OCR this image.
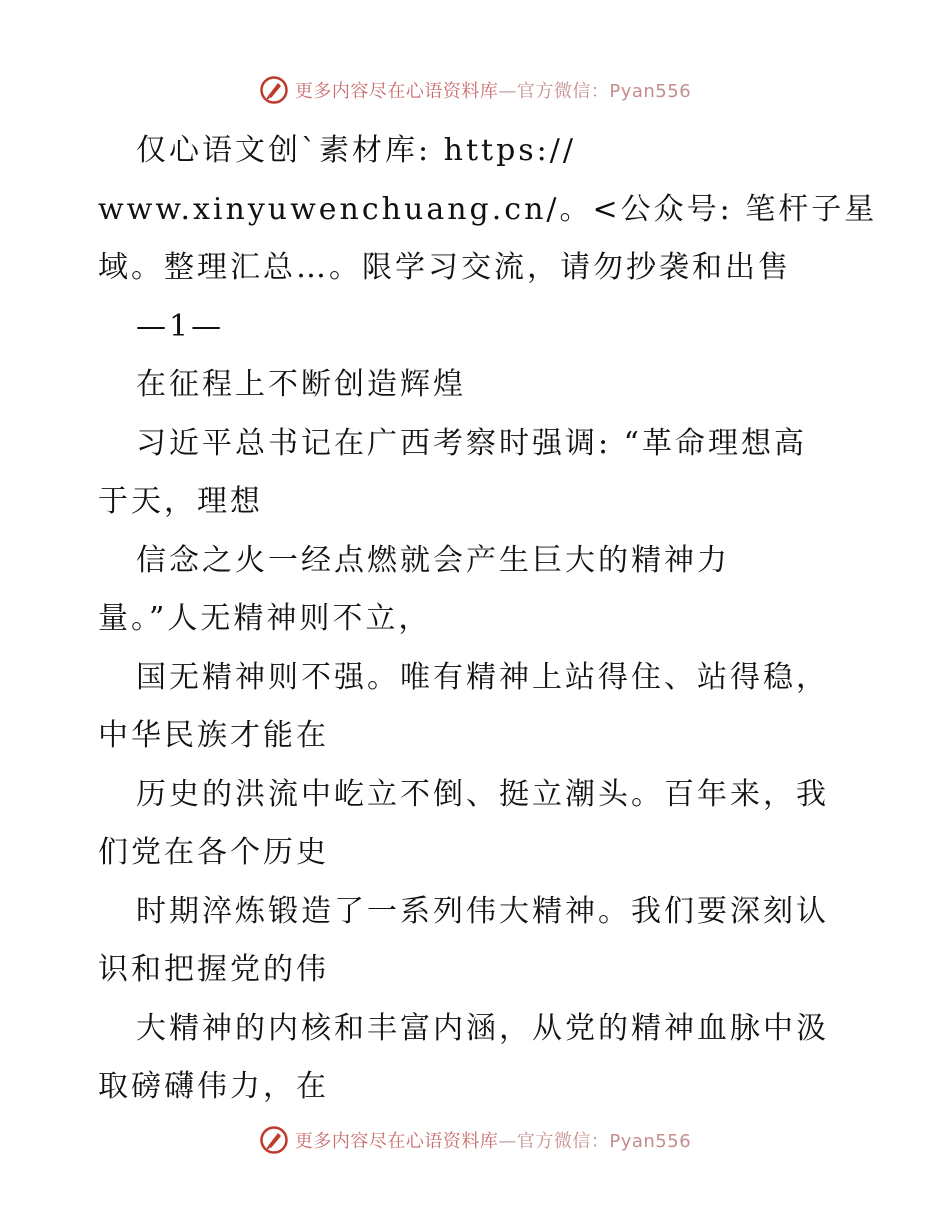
更多内容尽在心语资料库—官方微信：Pyan556
仅心语文创`素材库: https://
www.xinyuwenchuang.cn/。<公众号: 笔杆子星
域。整理汇总…。限学习交流，请勿抄袭和出售
—1—
在征程上不断创造辉煌
习近平总书记在广西考察时强调: “革命理想高
于天，理想
信念之火一经点燃就会产生巨大的精神力
量。”人无精神则不立，
国无精神则不强。唯有精神上站得住、站得稳，
中华民族才能在
历史的洪流中屹立不倒、挺立潮头。百年来，我
们党在各个历史
时期淬炼锻造了一系列伟大精神。我们要深刻认
识和把握党的伟
大精神的内核和丰富内涵，从党的精神血脉中汲
取磅礴伟力，在
更多内容尽在心语资料库—官方微信：Pyan556
